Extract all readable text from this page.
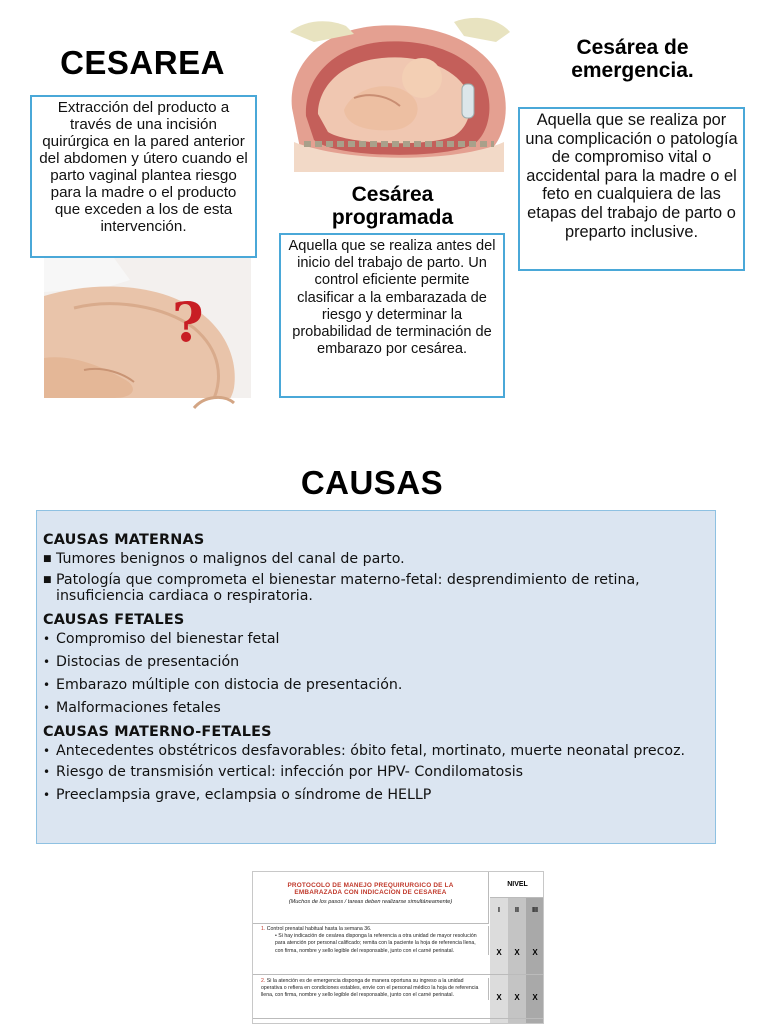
CESAREA
Extracción del producto a través de una incisión quirúrgica en la pared anterior del abdomen y útero cuando el parto vaginal plantea riesgo para la madre o el producto que exceden a los de esta intervención.
?
Cesárea de emergencia.
Aquella que se realiza por una complicación o patología de compromiso vital o accidental para la madre o el feto en cualquiera de las etapas del trabajo de parto o preparto inclusive.
Cesárea programada
Aquella que se realiza antes del inicio del trabajo de parto. Un control eficiente permite clasificar a la embarazada de riesgo y determinar la probabilidad de terminación de embarazo por cesárea.
CAUSAS
CAUSAS MATERNAS
■ Tumores benignos o malignos del canal de parto.
■ Patología que comprometa el bienestar materno-fetal: desprendimiento de retina, insuficiencia cardiaca o respiratoria.
CAUSAS FETALES
• Compromiso del bienestar fetal
• Distocias de presentación
• Embarazo múltiple con distocia de presentación.
• Malformaciones fetales
CAUSAS MATERNO-FETALES
• Antecedentes obstétricos desfavorables: óbito fetal, mortinato, muerte neonatal precoz.
• Riesgo de transmisión vertical: infección por HPV- Condilomatosis
• Preeclampsia grave, eclampsia o síndrome de HELLP
PROTOCOLO DE MANEJO PREQUIRURGICO DE LA
EMBARAZADA CON INDICACION DE CESAREA
(Muchos de los pasos / tareas deben realizarse simultáneamente)
NIVEL
I
X
X
II
X
X
III
X
X
1. Control prenatal habitual hasta la semana 36.
• Si hay indicación de cesárea disponga la referencia a otra unidad de mayor resolución para atención por personal calificado; remita con la paciente la hoja de referencia llena, con firma, nombre y sello legible del responsable, junto con el carné perinatal.
2. Si la atención es de emergencia disponga de manera oportuna su ingreso a la unidad operativa o refiera en condiciones estables, envíe con el personal médico la hoja de referencia llena, con firma, nombre y sello legible del responsable, junto con el carné perinatal.
